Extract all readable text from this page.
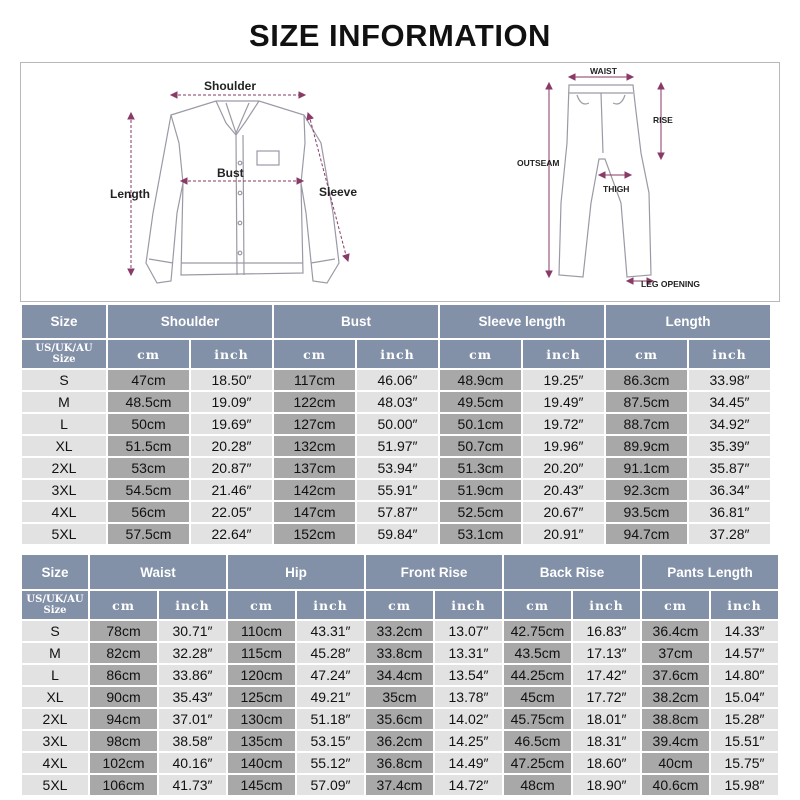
SIZE INFORMATION
Shoulder
Bust
Length	Sleeve
WAIST
RISE
OUTSEAM
THIGH
LEG OPENING
Size	Shoulder		Bust		Sleeve length		Length	

US/UK/AU
Size	cm	inch	cm	inch	cm	inch	cm	inch
S	47cm	18.50″	117cm	46.06″	48.9cm	19.25″	86.3cm	33.98″
M	48.5cm	19.09″	122cm	48.03″	49.5cm	19.49″	87.5cm	34.45″
L	50cm	19.69″	127cm	50.00″	50.1cm	19.72″	88.7cm	34.92″
XL	51.5cm	20.28″	132cm	51.97″	50.7cm	19.96″	89.9cm	35.39″
2XL	53cm	20.87″	137cm	53.94″	51.3cm	20.20″	91.1cm	35.87″
3XL	54.5cm	21.46″	142cm	55.91″	51.9cm	20.43″	92.3cm	36.34″
4XL	56cm	22.05″	147cm	57.87″	52.5cm	20.67″	93.5cm	36.81″
5XL	57.5cm	22.64″	152cm	59.84″	53.1cm	20.91″	94.7cm	37.28″
Size	Waist		Hip		Front Rise		Back Rise		Pants Length	

US/UK/AU
Size	cm	inch	cm	inch	cm	inch	cm	inch	cm	inch
S	78cm	30.71″	110cm	43.31″	33.2cm	13.07″	42.75cm	16.83″	36.4cm	14.33″
M	82cm	32.28″	115cm	45.28″	33.8cm	13.31″	43.5cm	17.13″	37cm	14.57″
L	86cm	33.86″	120cm	47.24″	34.4cm	13.54″	44.25cm	17.42″	37.6cm	14.80″
XL	90cm	35.43″	125cm	49.21″	35cm	13.78″	45cm	17.72″	38.2cm	15.04″
2XL	94cm	37.01″	130cm	51.18″	35.6cm	14.02″	45.75cm	18.01″	38.8cm	15.28″
3XL	98cm	38.58″	135cm	53.15″	36.2cm	14.25″	46.5cm	18.31″	39.4cm	15.51″
4XL	102cm	40.16″	140cm	55.12″	36.8cm	14.49″	47.25cm	18.60″	40cm	15.75″
5XL	106cm	41.73″	145cm	57.09″	37.4cm	14.72″	48cm	18.90″	40.6cm	15.98″
